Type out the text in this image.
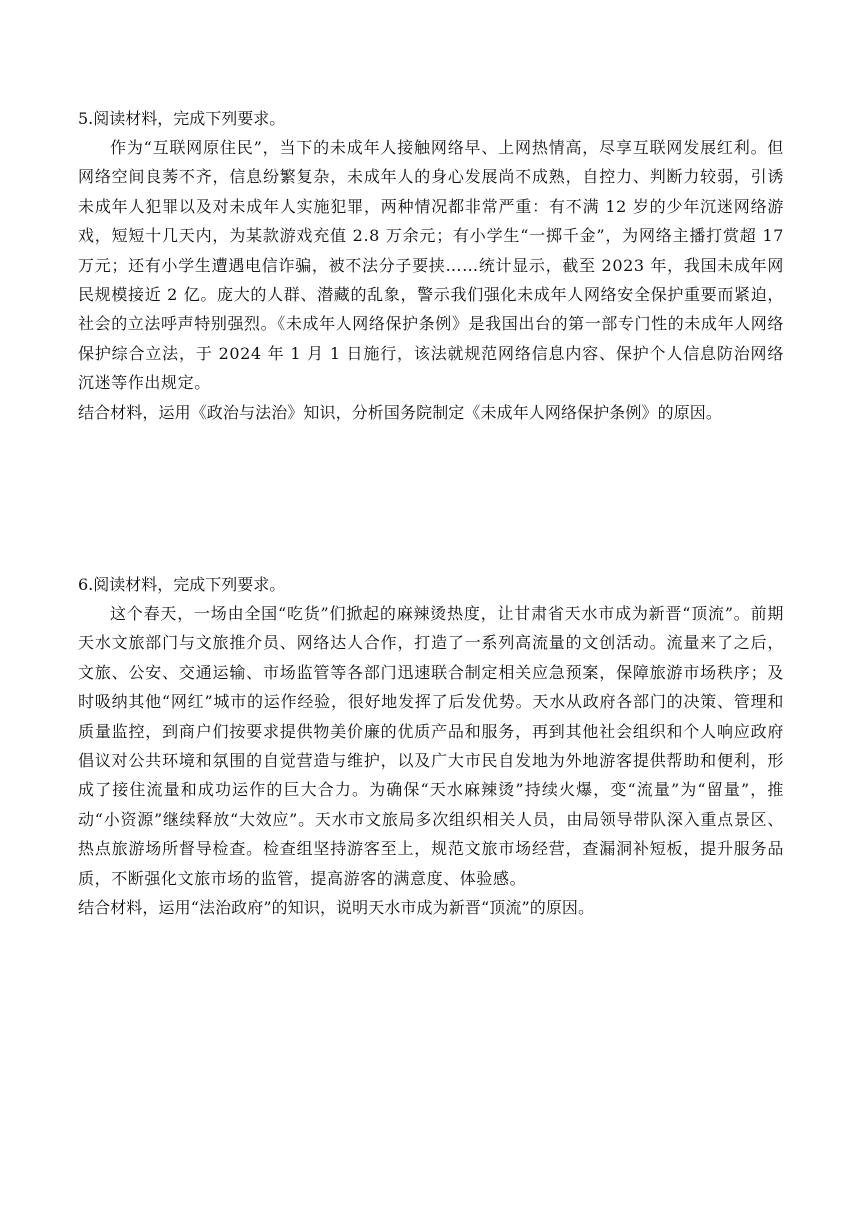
5.阅读材料，完成下列要求。
作为“互联网原住民”，当下的未成年人接触网络早、上网热情高，尽享互联网发展红利。但网络空间良莠不齐，信息纷繁复杂，未成年人的身心发展尚不成熟，自控力、判断力较弱，引诱未成年人犯罪以及对未成年人实施犯罪，两种情况都非常严重：有不满 12 岁的少年沉迷网络游戏，短短十几天内，为某款游戏充值 2.8 万余元；有小学生“一掷千金”，为网络主播打赏超 17 万元；还有小学生遭遇电信诈骗，被不法分子要挟……统计显示，截至 2023 年，我国未成年网民规模接近 2 亿。庞大的人群、潜藏的乱象，警示我们强化未成年人网络安全保护重要而紧迫，社会的立法呼声特别强烈。《未成年人网络保护条例》是我国出台的第一部专门性的未成年人网络保护综合立法，于 2024 年 1 月 1 日施行，该法就规范网络信息内容、保护个人信息防治网络沉迷等作出规定。
结合材料，运用《政治与法治》知识，分析国务院制定《未成年人网络保护条例》的原因。
6.阅读材料，完成下列要求。
这个春天，一场由全国“吃货”们掀起的麻辣烫热度，让甘肃省天水市成为新晋“顶流”。前期天水文旅部门与文旅推介员、网络达人合作，打造了一系列高流量的文创活动。流量来了之后，文旅、公安、交通运输、市场监管等各部门迅速联合制定相关应急预案，保障旅游市场秩序；及时吸纳其他“网红”城市的运作经验，很好地发挥了后发优势。天水从政府各部门的决策、管理和质量监控，到商户们按要求提供物美价廉的优质产品和服务，再到其他社会组织和个人响应政府倡议对公共环境和氛围的自觉营造与维护，以及广大市民自发地为外地游客提供帮助和便利，形成了接住流量和成功运作的巨大合力。为确保“天水麻辣烫”持续火爆，变“流量”为“留量”，推动“小资源”继续释放“大效应”。天水市文旅局多次组织相关人员，由局领导带队深入重点景区、热点旅游场所督导检查。检查组坚持游客至上，规范文旅市场经营，查漏洞补短板，提升服务品质，不断强化文旅市场的监管，提高游客的满意度、体验感。
结合材料，运用“法治政府”的知识，说明天水市成为新晋“顶流”的原因。
